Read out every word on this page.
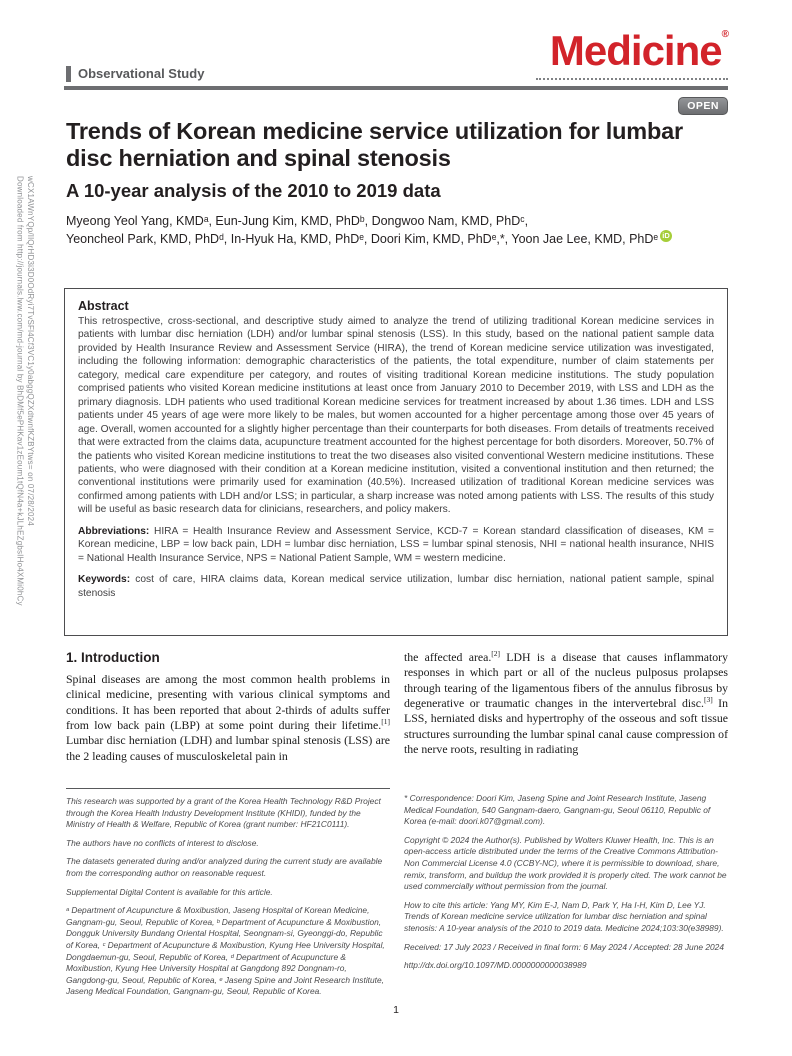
Downloaded from http://journals.lww.com/md-journal by BhDMf5ePHKav1zEoum1tQfN4a+kJLhEZgbsIHo4XMi0hCy wCX1AWnYQp/IlQrHD3i3D0OdRyi7TvSFl4Cf3VC1y0abggQZXdtwnfKZBYtws= on 07/28/2024
Medicine®
Observational Study
OPEN
Trends of Korean medicine service utilization for lumbar disc herniation and spinal stenosis
A 10-year analysis of the 2010 to 2019 data
Myeong Yeol Yang, KMDᵃ, Eun-Jung Kim, KMD, PhDᵇ, Dongwoo Nam, KMD, PhDᶜ,
Yeoncheol Park, KMD, PhDᵈ, In-Hyuk Ha, KMD, PhDᵉ, Doori Kim, KMD, PhDᵉ,*, Yoon Jae Lee, KMD, PhDᵉ iD

Abstract

This retrospective, cross-sectional, and descriptive study aimed to analyze the trend of utilizing traditional Korean medicine services in patients with lumbar disc herniation (LDH) and/or lumbar spinal stenosis (LSS). In this study, based on the national patient sample data provided by Health Insurance Review and Assessment Service (HIRA), the trend of Korean medicine service utilization was investigated, including the following information: demographic characteristics of the patients, the total expenditure, number of claim statements per category, medical care expenditure per category, and routes of visiting traditional Korean medicine institutions. The study population comprised patients who visited Korean medicine institutions at least once from January 2010 to December 2019, with LSS and LDH as the primary diagnosis. LDH patients who used traditional Korean medicine services for treatment increased by about 1.36 times. LDH and LSS patients under 45 years of age were more likely to be males, but women accounted for a higher percentage among those over 45 years of age. Overall, women accounted for a slightly higher percentage than their counterparts for both diseases. From details of treatments received that were extracted from the claims data, acupuncture treatment accounted for the highest percentage for both disorders. Moreover, 50.7% of the patients who visited Korean medicine institutions to treat the two diseases also visited conventional Western medicine institutions. These patients, who were diagnosed with their condition at a Korean medicine institution, visited a conventional institution and then returned; the conventional institutions were primarily used for examination (40.5%). Increased utilization of traditional Korean medicine services was confirmed among patients with LDH and/or LSS; in particular, a sharp increase was noted among patients with LSS. The results of this study will be useful as basic research data for clinicians, researchers, and policy makers.

Abbreviations: HIRA = Health Insurance Review and Assessment Service, KCD-7 = Korean standard classification of diseases, KM = Korean medicine, LBP = low back pain, LDH = lumbar disc herniation, LSS = lumbar spinal stenosis, NHI = national health insurance, NHIS = National Health Insurance Service, NPS = National Patient Sample, WM = western medicine.

Keywords: cost of care, HIRA claims data, Korean medical service utilization, lumbar disc herniation, national patient sample, spinal stenosis

1. Introduction

Spinal diseases are among the most common health problems in clinical medicine, presenting with various clinical symptoms and conditions. It has been reported that about 2-thirds of adults suffer from low back pain (LBP) at some point during their lifetime.[1] Lumbar disc herniation (LDH) and lumbar spinal stenosis (LSS) are the 2 leading causes of musculoskeletal pain in

the affected area.[2] LDH is a disease that causes inflammatory responses in which part or all of the nucleus pulposus prolapses through tearing of the ligamentous fibers of the annulus fibrosus by degenerative or traumatic changes in the intervertebral disc.[3] In LSS, herniated disks and hypertrophy of the osseous and soft tissue structures surrounding the lumbar spinal canal cause compression of the nerve roots, resulting in radiating

This research was supported by a grant of the Korea Health Technology R&D Project through the Korea Health Industry Development Institute (KHIDI), funded by the Ministry of Health & Welfare, Republic of Korea (grant number: HF21C0111).

The authors have no conflicts of interest to disclose.

The datasets generated during and/or analyzed during the current study are available from the corresponding author on reasonable request.

Supplemental Digital Content is available for this article.

ᵃ Department of Acupuncture & Moxibustion, Jaseng Hospital of Korean Medicine, Gangnam-gu, Seoul, Republic of Korea, ᵇ Department of Acupuncture & Moxibustion, Dongguk University Bundang Oriental Hospital, Seongnam-si, Gyeonggi-do, Republic of Korea, ᶜ Department of Acupuncture & Moxibustion, Kyung Hee University Hospital, Dongdaemun-gu, Seoul, Republic of Korea, ᵈ Department of Acupuncture & Moxibustion, Kyung Hee University Hospital at Gangdong 892 Dongnam-ro, Gangdong-gu, Seoul, Republic of Korea, ᵉ Jaseng Spine and Joint Research Institute, Jaseng Medical Foundation, Gangnam-gu, Seoul, Republic of Korea.

* Correspondence: Doori Kim, Jaseng Spine and Joint Research Institute, Jaseng Medical Foundation, 540 Gangnam-daero, Gangnam-gu, Seoul 06110, Republic of Korea (e-mail: doori.k07@gmail.com).

Copyright © 2024 the Author(s). Published by Wolters Kluwer Health, Inc. This is an open-access article distributed under the terms of the Creative Commons Attribution-Non Commercial License 4.0 (CCBY-NC), where it is permissible to download, share, remix, transform, and buildup the work provided it is properly cited. The work cannot be used commercially without permission from the journal.

How to cite this article: Yang MY, Kim E-J, Nam D, Park Y, Ha I-H, Kim D, Lee YJ. Trends of Korean medicine service utilization for lumbar disc herniation and spinal stenosis: A 10-year analysis of the 2010 to 2019 data. Medicine 2024;103:30(e38989).

Received: 17 July 2023 / Received in final form: 6 May 2024 / Accepted: 28 June 2024

http://dx.doi.org/10.1097/MD.0000000000038989

1
